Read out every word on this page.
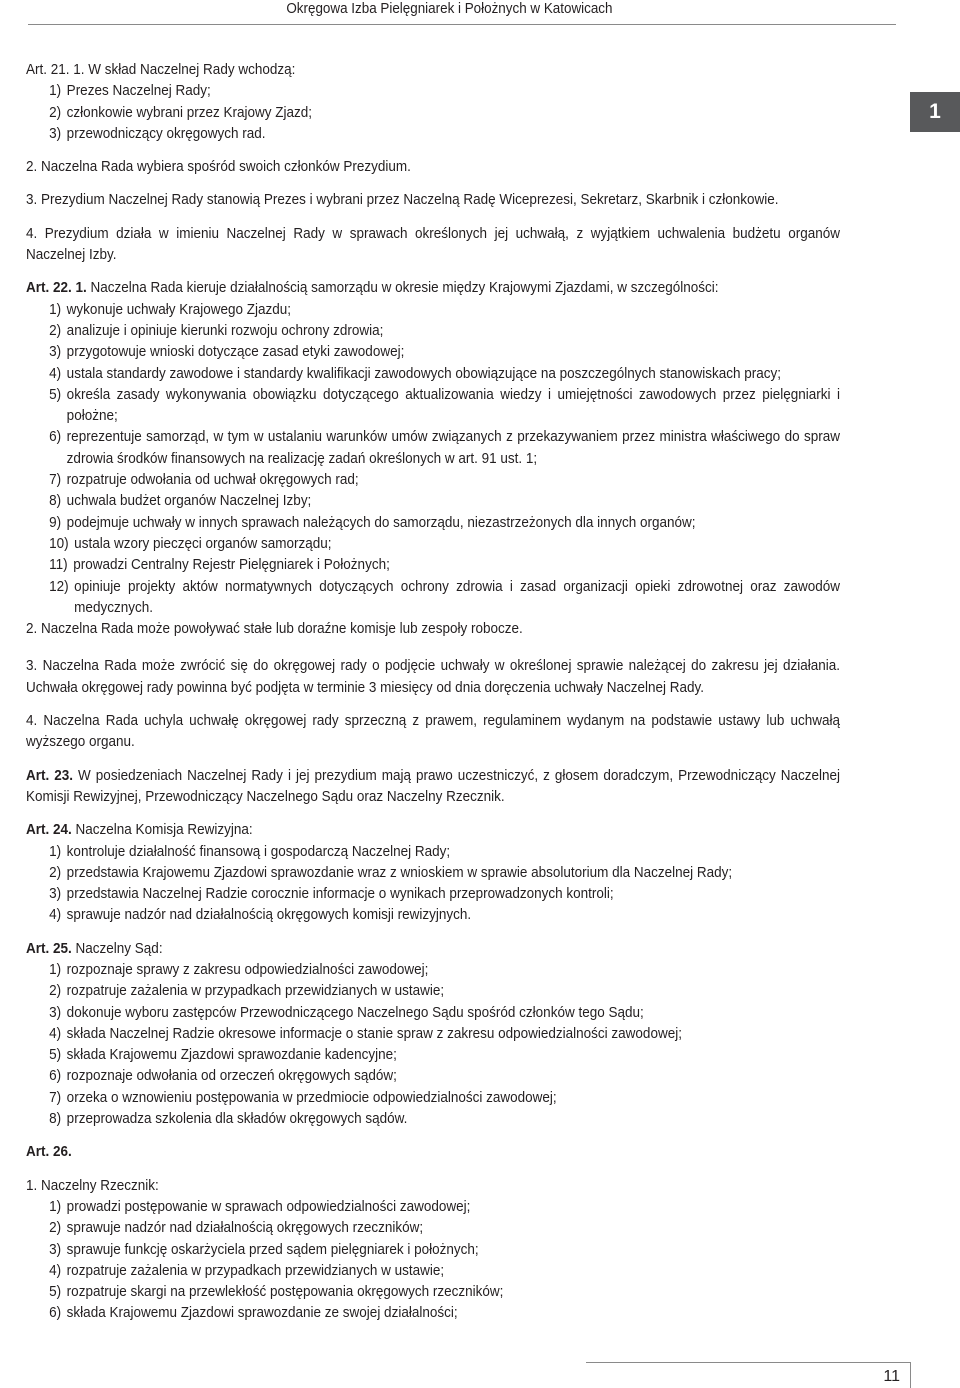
Okręgowa Izba Pielęgniarek i Położnych w Katowicach
1

Art. 21. 1. W skład Naczelnej Rady wchodzą:

1) Prezes Naczelnej Rady;
2) członkowie wybrani przez Krajowy Zjazd;
3) przewodniczący okręgowych rad.

2. Naczelna Rada wybiera spośród swoich członków Prezydium.

3. Prezydium Naczelnej Rady stanowią Prezes i wybrani przez Naczelną Radę Wiceprezesi, Sekretarz, Skarbnik i członkowie.

4. Prezydium działa w imieniu Naczelnej Rady w sprawach określonych jej uchwałą, z wyjątkiem uchwalenia budżetu organów Naczelnej Izby.

Art. 22. 1. Naczelna Rada kieruje działalnością samorządu w okresie między Krajowymi Zjazdami, w szczególności:

1) wykonuje uchwały Krajowego Zjazdu;
2) analizuje i opiniuje kierunki rozwoju ochrony zdrowia;
3) przygotowuje wnioski dotyczące zasad etyki zawodowej;
4) ustala standardy zawodowe i standardy kwalifikacji zawodowych obowiązujące na poszczególnych stanowiskach pracy;
5) określa zasady wykonywania obowiązku dotyczącego aktualizowania wiedzy i umiejętności zawodowych przez pielęgniarki i położne;
6) reprezentuje samorząd, w tym w ustalaniu warunków umów związanych z przekazywaniem przez ministra właściwego do spraw zdrowia środków finansowych na realizację zadań określonych w art. 91 ust. 1;
7) rozpatruje odwołania od uchwał okręgowych rad;
8) uchwala budżet organów Naczelnej Izby;
9) podejmuje uchwały w innych sprawach należących do samorządu, niezastrzeżonych dla innych organów;
10) ustala wzory pieczęci organów samorządu;
11) prowadzi Centralny Rejestr Pielęgniarek i Położnych;
12) opiniuje projekty aktów normatywnych dotyczących ochrony zdrowia i zasad organizacji opieki zdrowotnej oraz zawodów medycznych.

2. Naczelna Rada może powoływać stałe lub doraźne komisje lub zespoły robocze.

3. Naczelna Rada może zwrócić się do okręgowej rady o podjęcie uchwały w określonej sprawie należącej do zakresu jej działania. Uchwała okręgowej rady powinna być podjęta w terminie 3 miesięcy od dnia doręczenia uchwały Naczelnej Rady.

4. Naczelna Rada uchyla uchwałę okręgowej rady sprzeczną z prawem, regulaminem wydanym na podstawie ustawy lub uchwałą wyższego organu.

Art. 23. W posiedzeniach Naczelnej Rady i jej prezydium mają prawo uczestniczyć, z głosem doradczym, Przewodniczący Naczelnej Komisji Rewizyjnej, Przewodniczący Naczelnego Sądu oraz Naczelny Rzecznik.

Art. 24. Naczelna Komisja Rewizyjna:

1) kontroluje działalność finansową i gospodarczą Naczelnej Rady;
2) przedstawia Krajowemu Zjazdowi sprawozdanie wraz z wnioskiem w sprawie absolutorium dla Naczelnej Rady;
3) przedstawia Naczelnej Radzie corocznie informacje o wynikach przeprowadzonych kontroli;
4) sprawuje nadzór nad działalnością okręgowych komisji rewizyjnych.

Art. 25. Naczelny Sąd:

1) rozpoznaje sprawy z zakresu odpowiedzialności zawodowej;
2) rozpatruje zażalenia w przypadkach przewidzianych w ustawie;
3) dokonuje wyboru zastępców Przewodniczącego Naczelnego Sądu spośród członków tego Sądu;
4) składa Naczelnej Radzie okresowe informacje o stanie spraw z zakresu odpowiedzialności zawodowej;
5) składa Krajowemu Zjazdowi sprawozdanie kadencyjne;
6) rozpoznaje odwołania od orzeczeń okręgowych sądów;
7) orzeka o wznowieniu postępowania w przedmiocie odpowiedzialności zawodowej;
8) przeprowadza szkolenia dla składów okręgowych sądów.

Art. 26.

1. Naczelny Rzecznik:

1) prowadzi postępowanie w sprawach odpowiedzialności zawodowej;
2) sprawuje nadzór nad działalnością okręgowych rzeczników;
3) sprawuje funkcję oskarżyciela przed sądem pielęgniarek i położnych;
4) rozpatruje zażalenia w przypadkach przewidzianych w ustawie;
5) rozpatruje skargi na przewlekłość postępowania okręgowych rzeczników;
6) składa Krajowemu Zjazdowi sprawozdanie ze swojej działalności;
11
